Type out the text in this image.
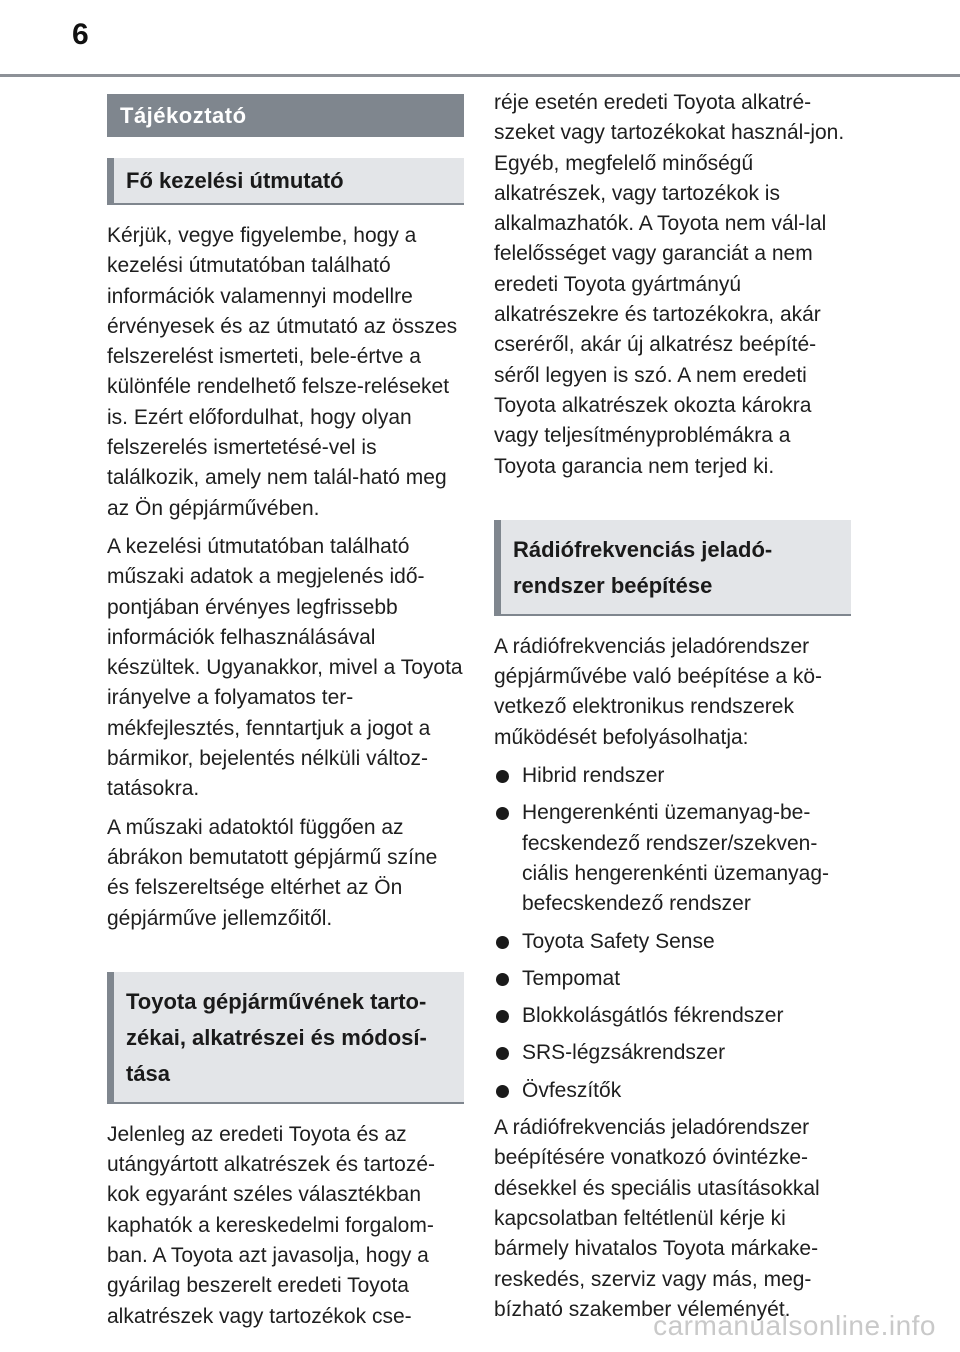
6
Tájékoztató
Fő kezelési útmutató

Kérjük, vegye figyelembe, hogy a kezelési útmutatóban található információk valamennyi modellre érvényesek és az útmutató az összes felszerelést ismerteti, bele-értve a különféle rendelhető felsze-reléseket is. Ezért előfordulhat, hogy olyan felszerelés ismertetésé-vel is találkozik, amely nem talál-ható meg az Ön gépjárművében.

A kezelési útmutatóban található műszaki adatok a megjelenés idő-pontjában érvényes legfrissebb információk felhasználásával készültek. Ugyanakkor, mivel a Toyota irányelve a folyamatos ter-mékfejlesztés, fenntartjuk a jogot a bármikor, bejelentés nélküli változ-tatásokra.

A műszaki adatoktól függően az ábrákon bemutatott gépjármű színe és felszereltsége eltérhet az Ön gépjárműve jellemzőitől.

Toyota gépjárművének tarto-zékai, alkatrészei és módosí-tása

Jelenleg az eredeti Toyota és az utángyártott alkatrészek és tartozé-kok egyaránt széles választékban kaphatók a kereskedelmi forgalom-ban. A Toyota azt javasolja, hogy a gyárilag beszerelt eredeti Toyota alkatrészek vagy tartozékok cse-

réje esetén eredeti Toyota alkatré-szeket vagy tartozékokat használ-jon. Egyéb, megfelelő minőségű alkatrészek, vagy tartozékok is alkalmazhatók. A Toyota nem vál-lal felelősséget vagy garanciát a nem eredeti Toyota gyártmányú alkatrészekre és tartozékokra, akár cseréről, akár új alkatrész beépíté-séről legyen is szó. A nem eredeti Toyota alkatrészek okozta károkra vagy teljesítményproblémákra a Toyota garancia nem terjed ki.

Rádiófrekvenciás jeladó-rendszer beépítése

A rádiófrekvenciás jeladórendszer gépjárművébe való beépítése a kö-vetkező elektronikus rendszerek működését befolyásolhatja:

Hibrid rendszer
Hengerenkénti üzemanyag-be-fecskendező rendszer/szekven-ciális hengerenkénti üzemanyag-befecskendező rendszer
Toyota Safety Sense
Tempomat
Blokkolásgátlós fékrendszer
SRS-légzsákrendszer
Övfeszítők

A rádiófrekvenciás jeladórendszer beépítésére vonatkozó óvintézke-désekkel és speciális utasításokkal kapcsolatban feltétlenül kérje ki bármely hivatalos Toyota márkake-reskedés, szerviz vagy más, meg-bízható szakember véleményét.

carmanualsonline.info
